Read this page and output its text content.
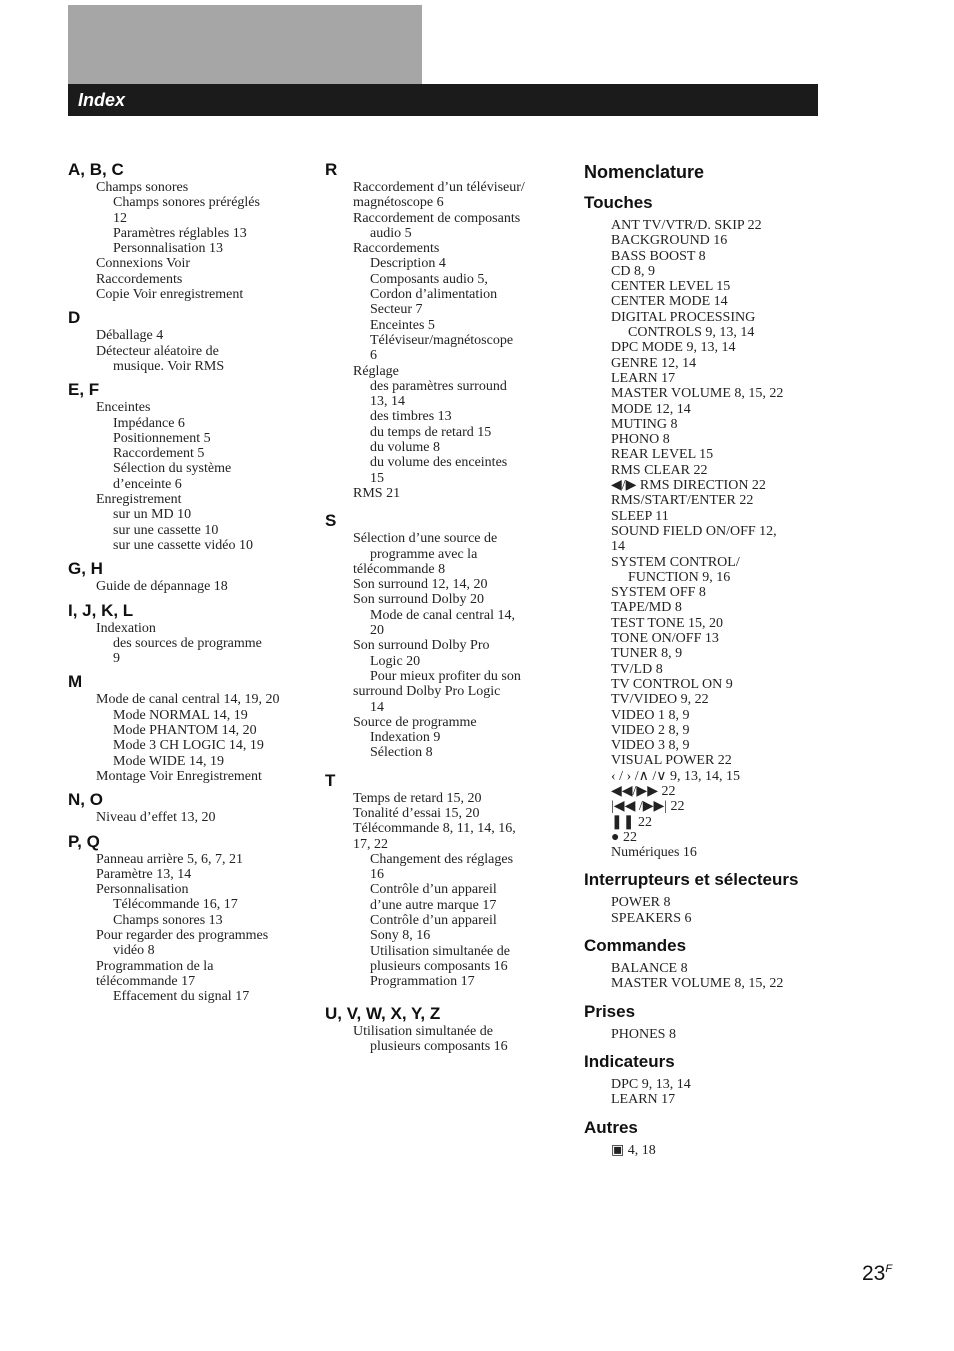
Index
A, B, C
Champs sonores
Champs sonores préréglés
12
Paramètres réglables 13
Personnalisation 13
Connexions Voir
Raccordements
Copie Voir enregistrement
D
Déballage 4
Détecteur aléatoire de
musique. Voir RMS
E, F
Enceintes
Impédance 6
Positionnement 5
Raccordement 5
Sélection du système
d’enceinte 6
Enregistrement
sur un MD 10
sur une cassette 10
sur une cassette vidéo 10
G, H
Guide de dépannage 18
I, J, K, L
Indexation
des sources de programme
9
M
Mode de canal central 14, 19, 20
Mode NORMAL 14, 19
Mode PHANTOM 14, 20
Mode 3 CH LOGIC 14, 19
Mode WIDE 14, 19
Montage Voir Enregistrement
N, O
Niveau d’effet 13, 20
P, Q
Panneau arrière 5, 6, 7, 21
Paramètre 13, 14
Personnalisation
Télécommande 16, 17
Champs sonores 13
Pour regarder des programmes
vidéo 8
Programmation de la
télécommande 17
Effacement du signal 17
R
Raccordement d’un téléviseur/
magnétoscope 6
Raccordement de composants
audio 5
Raccordements
Description 4
Composants audio 5,
Cordon d’alimentation
Secteur 7
Enceintes 5
Téléviseur/magnétoscope
6
Réglage
des paramètres surround
13, 14
des timbres 13
du temps de retard 15
du volume 8
du volume des enceintes
15
RMS 21
S
Sélection d’une source de
programme avec la
télécommande 8
Son surround 12, 14, 20
Son surround Dolby 20
Mode de canal central 14,
20
Son surround Dolby Pro
Logic 20
Pour mieux profiter du son
surround Dolby Pro Logic
14
Source de programme
Indexation 9
Sélection 8
T
Temps de retard 15, 20
Tonalité d’essai 15, 20
Télécommande 8, 11, 14, 16,
17, 22
Changement des réglages
16
Contrôle d’un appareil
d’une autre marque 17
Contrôle d’un appareil
Sony 8, 16
Utilisation simultanée de
plusieurs composants 16
Programmation 17
U, V, W, X, Y, Z
Utilisation simultanée de
plusieurs composants 16
Nomenclature
Touches
ANT TV/VTR/D. SKIP 22
BACKGROUND 16
BASS BOOST 8
CD 8, 9
CENTER LEVEL 15
CENTER MODE 14
DIGITAL PROCESSING
CONTROLS 9, 13, 14
DPC MODE 9, 13, 14
GENRE 12, 14
LEARN 17
MASTER VOLUME 8, 15, 22
MODE 12, 14
MUTING 8
PHONO 8
REAR LEVEL 15
RMS CLEAR 22
◀/▶ RMS DIRECTION 22
RMS/START/ENTER 22
SLEEP 11
SOUND FIELD ON/OFF 12,
14
SYSTEM CONTROL/
FUNCTION 9, 16
SYSTEM OFF 8
TAPE/MD 8
TEST TONE 15, 20
TONE ON/OFF 13
TUNER 8, 9
TV/LD 8
TV CONTROL ON 9
TV/VIDEO 9, 22
VIDEO 1 8, 9
VIDEO 2 8, 9
VIDEO 3 8, 9
VISUAL POWER 22
‹ / › /∧ /∨ 9, 13, 14, 15
◀◀/▶▶ 22
|◀◀ /▶▶| 22
❚❚ 22
● 22
Numériques 16
Interrupteurs et sélecteurs
POWER 8
SPEAKERS 6
Commandes
BALANCE 8
MASTER VOLUME 8, 15, 22
Prises
PHONES 8
Indicateurs
DPC 9, 13, 14
LEARN 17
Autres
▣ 4, 18
$23^F$
